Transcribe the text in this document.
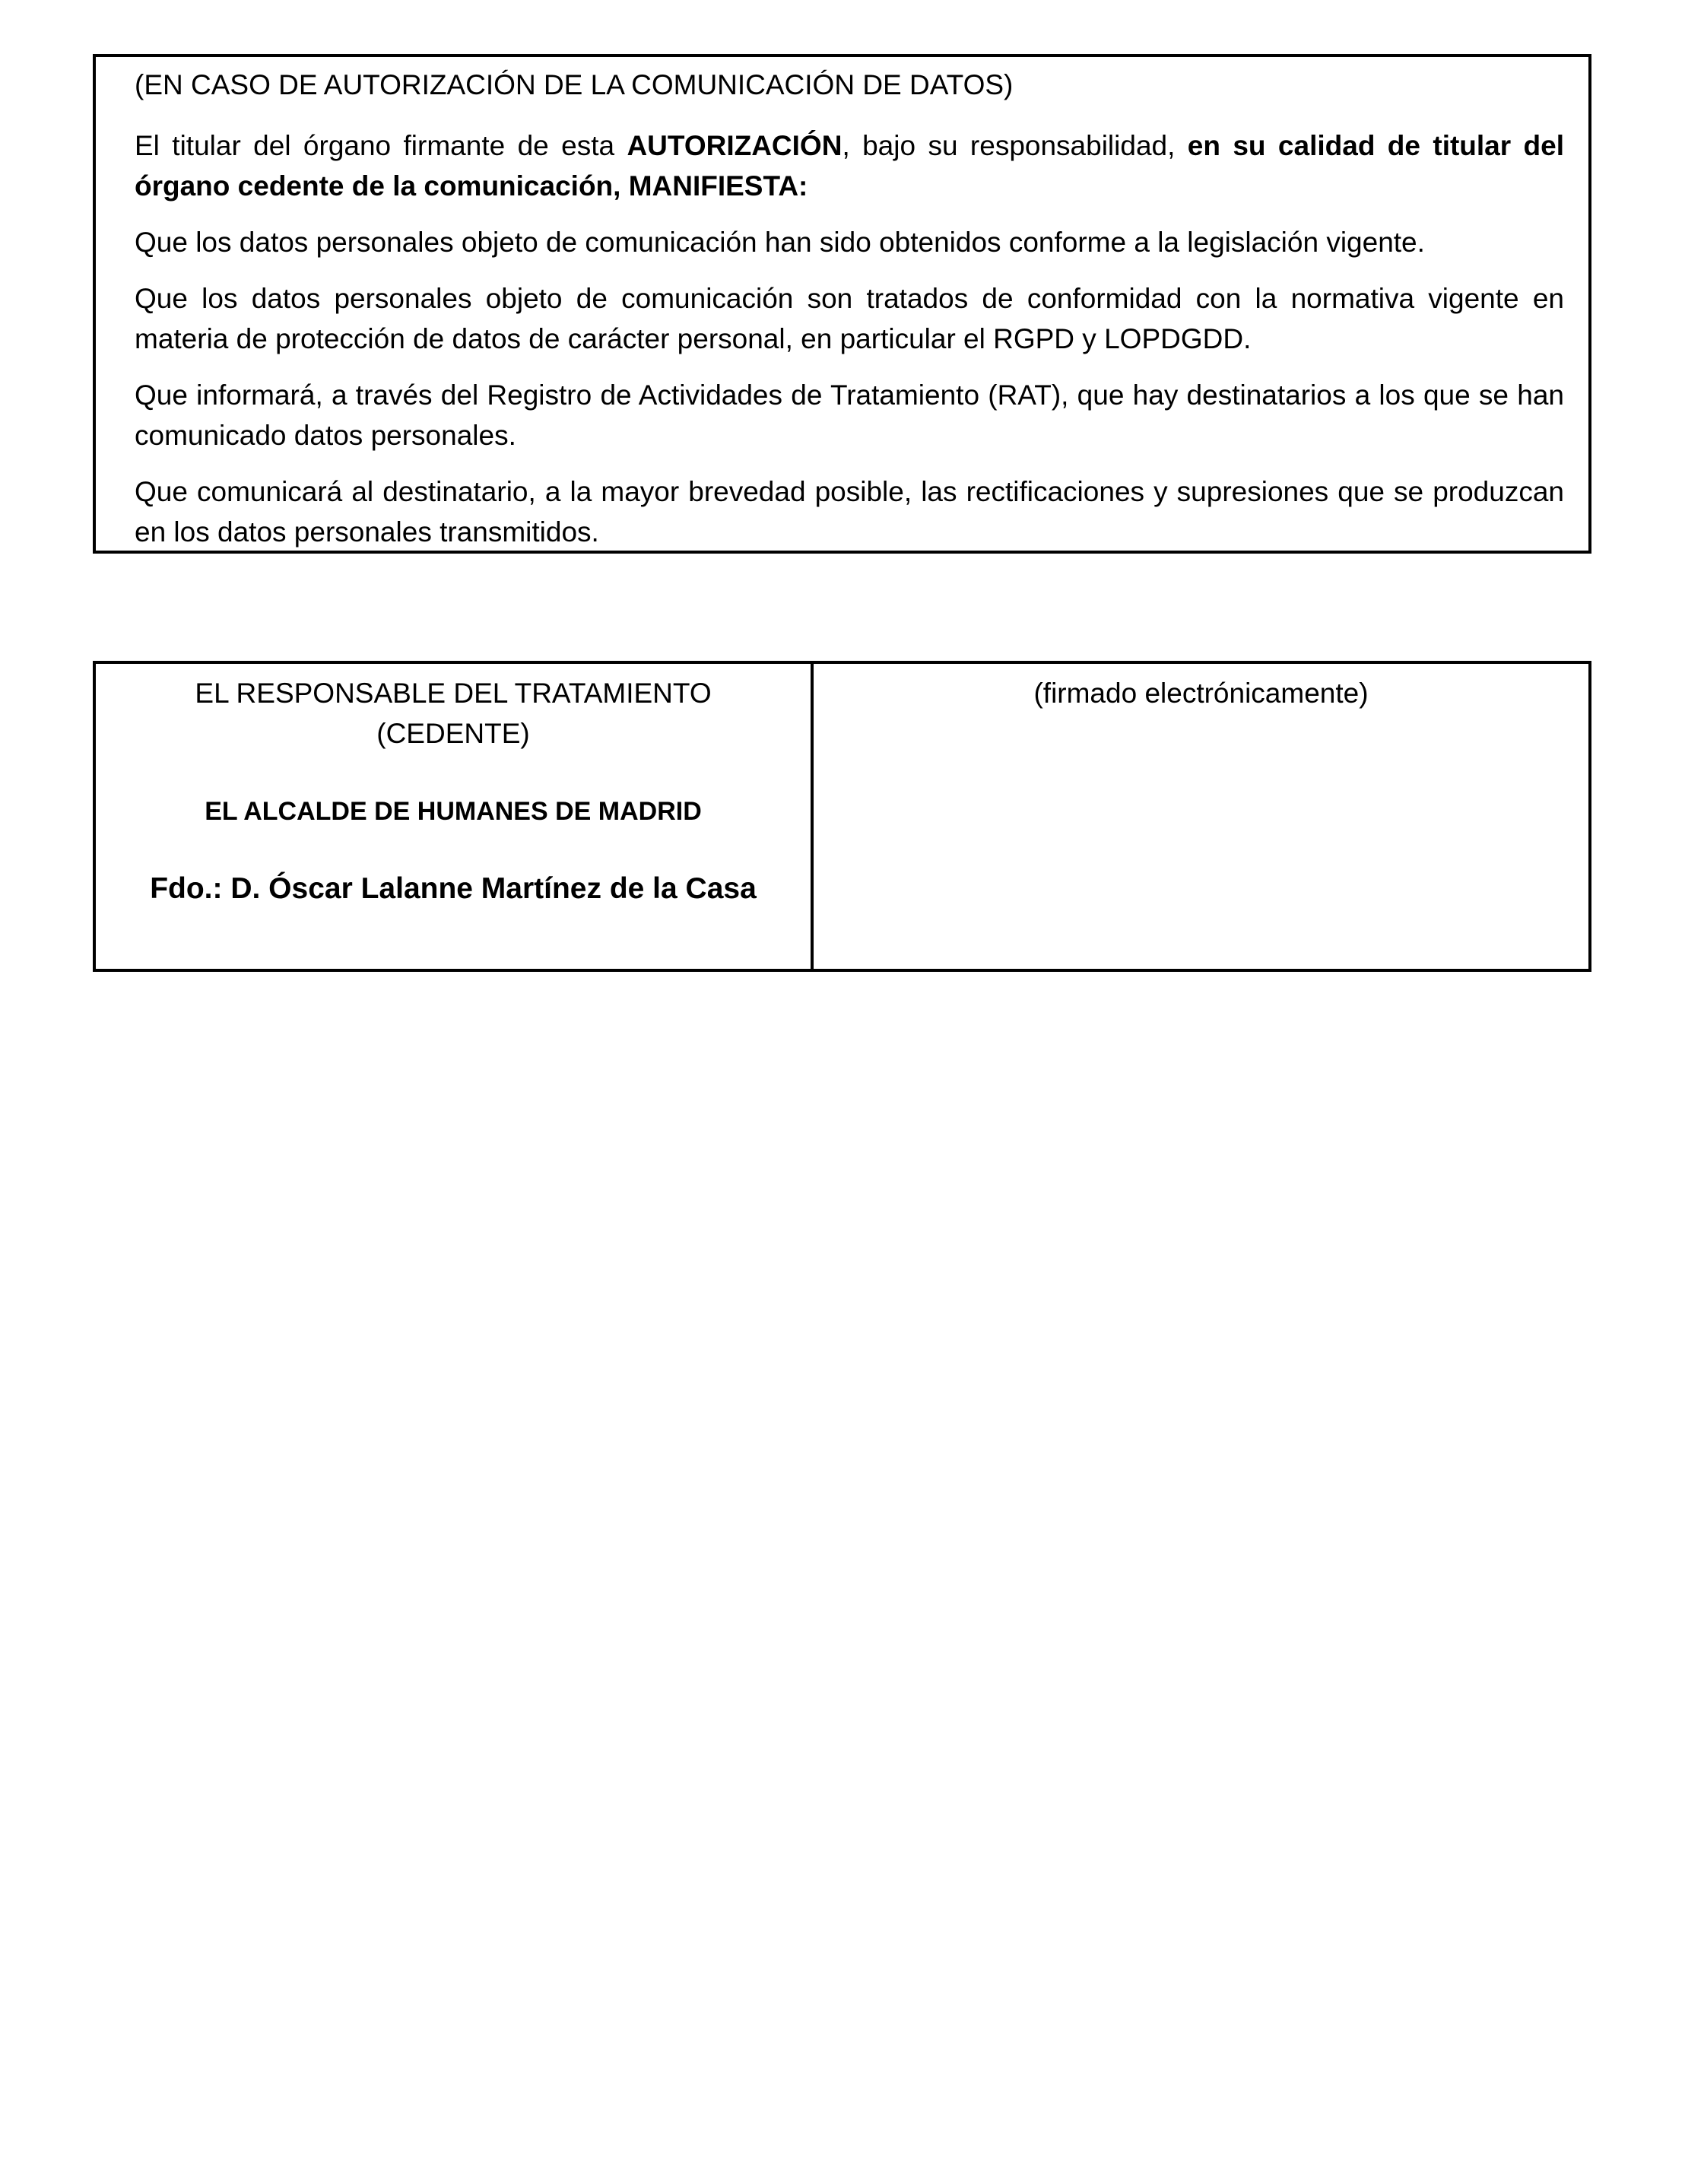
(EN CASO DE AUTORIZACIÓN DE LA COMUNICACIÓN DE DATOS)

El titular del órgano firmante de esta AUTORIZACIÓN, bajo su responsabilidad, en su calidad de titular del órgano cedente de la comunicación, MANIFIESTA:

Que los datos personales objeto de comunicación han sido obtenidos conforme a la legislación vigente.

Que los datos personales objeto de comunicación son tratados de conformidad con la normativa vigente en materia de protección de datos de carácter personal, en particular el RGPD y LOPDGDD.

Que informará, a través del Registro de Actividades de Tratamiento (RAT), que hay destinatarios a los que se han comunicado datos personales.

Que comunicará al destinatario, a la mayor brevedad posible, las rectificaciones y supresiones que se produzcan en los datos personales transmitidos.

EL RESPONSABLE DEL TRATAMIENTO

(CEDENTE)

EL ALCALDE DE HUMANES DE MADRID

Fdo.: D. Óscar Lalanne Martínez de la Casa

(firmado electrónicamente)
